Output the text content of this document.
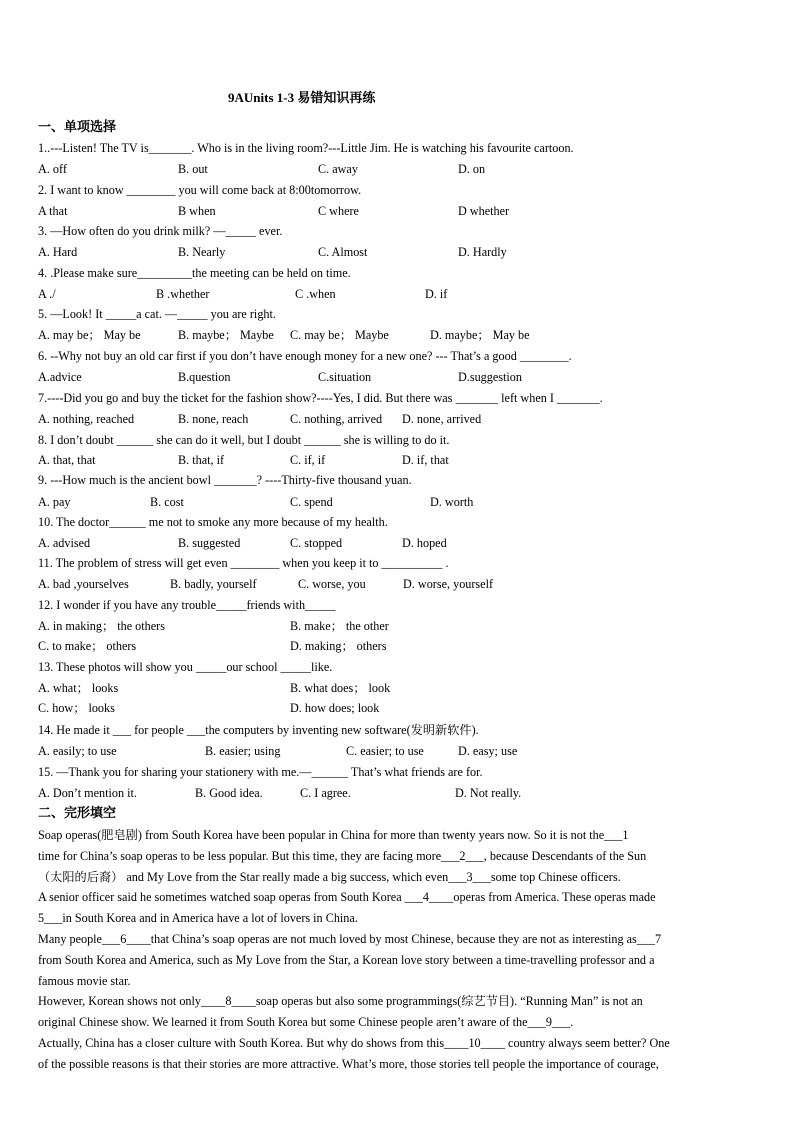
9AUnits 1-3 易错知识再练
一、单项选择
1..---Listen! The TV is_______. Who is in the living room?---Little Jim. He is watching his favourite cartoon.
A. off	B. out	C. away	D. on
2. I want to know ________ you will come back at 8:00tomorrow.
A that	B when	C where	D whether
3. —How often do you drink milk? —_____ ever.
A. Hard	B. Nearly	C. Almost	D. Hardly
4. .Please make sure_________the meeting can be held on time.
A ./	B .whether	C .when	D. if
5. —Look! It _____a cat. —_____ you are right.
A. may be； May be	B. maybe； Maybe C. may be； Maybe	D. maybe； May be
6. --Why not buy an old car first if you don’t have enough money for a new one? --- That’s a good ________.
A.advice	B.question	C.situation	D.suggestion
7.----Did you go and buy the ticket for the fashion show?----Yes, I did. But there was _______ left when I _______.
A. nothing, reached	B. none, reach	C. nothing, arrived D. none, arrived
8. I don’t doubt ______ she can do it well, but I doubt ______ she is willing to do it.
A. that, that	B. that, if	C. if, if	D. if, that
9. ---How much is the ancient bowl _______? ----Thirty-five thousand yuan.
A. pay	B. cost	C. spend	D. worth
10. The doctor______ me not to smoke any more because of my health.
A. advised	B. suggested	C. stopped	D. hoped
11. The problem of stress will get even ________ when you keep it to __________ .
A. bad ,yourselves	B. badly, yourself	C. worse, you	D. worse, yourself
12. I wonder if you have any trouble_____friends with_____
A. in making； the others	B. make； the other
C. to make； others	D. making； others
13. These photos will show you _____our school _____like.
A. what； looks	B. what does； look
C. how； looks	D. how does; look
14. He made it ___ for people ___the computers by inventing new software(发明新软件).
A. easily; to use	B. easier; using	C. easier; to use	D. easy; use
15. —Thank you for sharing your stationery with me.—______ That’s what friends are for.
A. Don’t mention it.	B. Good idea.	C. I agree.	D. Not really.
二、完形填空
Soap operas(肥皂剧) from South Korea have been popular in China for more than twenty years now. So it is not the___1
time for China’s soap operas to be less popular. But this time, they are facing more___2___, because Descendants of the Sun
（太阳的后裔） and My Love from the Star really made a big success, which even___3___some top Chinese officers.
A senior officer said he sometimes watched soap operas from South Korea ___4____operas from America. These operas made
5___in South Korea and in America have a lot of lovers in China.
Many people___6____that China’s soap operas are not much loved by most Chinese, because they are not as interesting as___7
from South Korea and America, such as My Love from the Star, a Korean love story between a time-travelling professor and a
famous movie star.
However, Korean shows not only____8____soap operas but also some programmings(综艺节目). “Running Man” is not an
original Chinese show. We learned it from South Korea but some Chinese people aren’t aware of the___9___.
Actually, China has a closer culture with South Korea. But why do shows from this____10____ country always seem better? One
of the possible reasons is that their stories are more attractive. What’s more, those stories tell people the importance of courage,
